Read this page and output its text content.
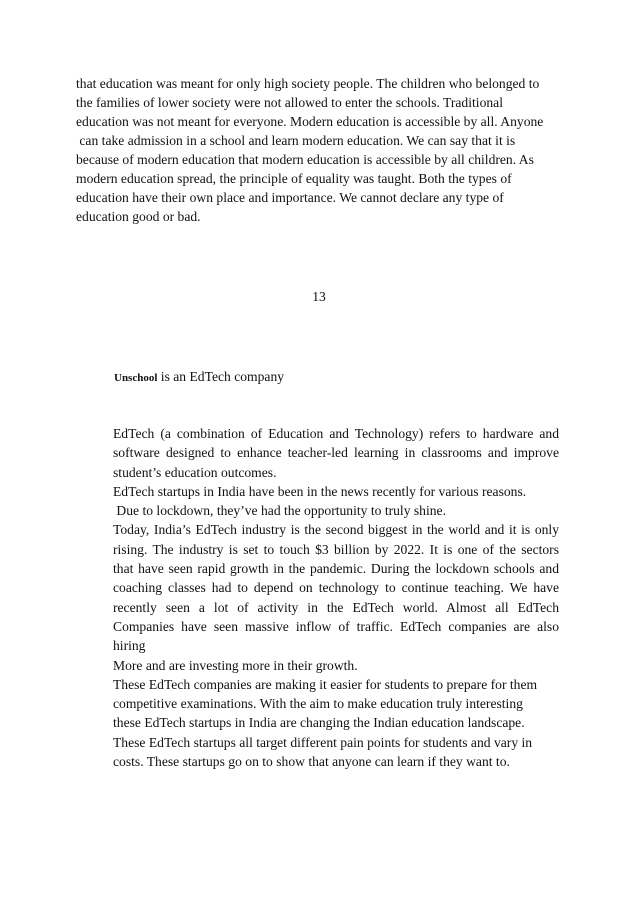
that education was meant for only high society people. The children who belonged to
the families of lower society were not allowed to enter the schools. Traditional
education was not meant for everyone. Modern education is accessible by all. Anyone
can take admission in a school and learn modern education. We can say that it is
because of modern education that modern education is accessible by all children. As
modern education spread, the principle of equality was taught. Both the types of
education have their own place and importance. We cannot declare any type of
education good or bad.
13
Unschool is an EdTech company
EdTech (a combination of Education and Technology) refers to hardware and
software designed to enhance teacher-led learning in classrooms and improve
student’s education outcomes.
EdTech startups in India have been in the news recently for various reasons.
Due to lockdown, they’ve had the opportunity to truly shine.
Today, India’s EdTech industry is the second biggest in the world and it is only
rising. The industry is set to touch $3 billion by 2022. It is one of the sectors
that have seen rapid growth in the pandemic. During the lockdown schools and
coaching classes had to depend on technology to continue teaching. We have
recently seen a lot of activity in the EdTech world. Almost all EdTech
Companies have seen massive inflow of traffic. EdTech companies are also
hiring
More and are investing more in their growth.
These EdTech companies are making it easier for students to prepare for them
competitive examinations. With the aim to make education truly interesting
these EdTech startups in India are changing the Indian education landscape.
These EdTech startups all target different pain points for students and vary in
costs. These startups go on to show that anyone can learn if they want to.
